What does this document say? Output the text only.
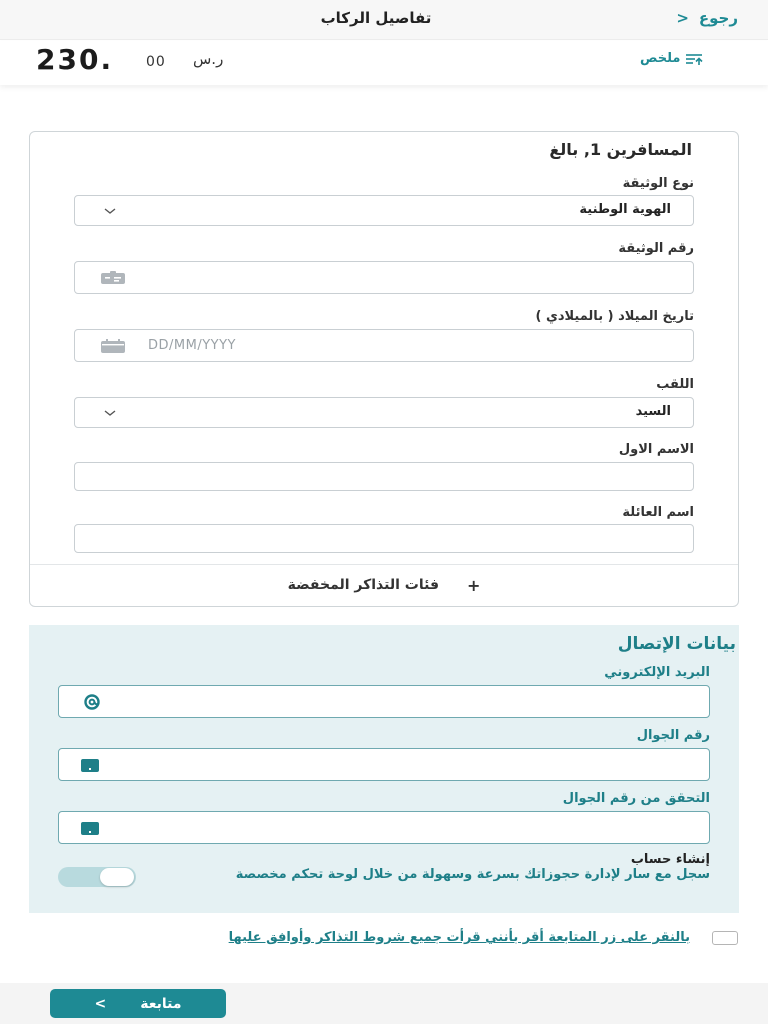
تفاصيل الركاب	رجوع
<
230. 00 ر.س	ملخص
المسافرين 1, بالغ
نوع الوثيقة
الهوية الوطنية
رقم الوثيقة
تاريخ الميلاد ( بالميلادي )
DD/MM/YYYY
اللقب
السيد
الاسم الاول
اسم العائلة
+
فئات التذاكر المخفضة
بيانات الإتصال
البريد الإلكتروني
رقم الجوال
التحقق من رقم الجوال
إنشاء حساب
سجل مع سار لإدارة حجوزاتك بسرعة وسهولة من خلال لوحة تحكم مخصصة
بالنقر على زر المتابعة أقر بأنني قرأت جميع شروط التذاكر وأوافق عليها
متابعة
>
